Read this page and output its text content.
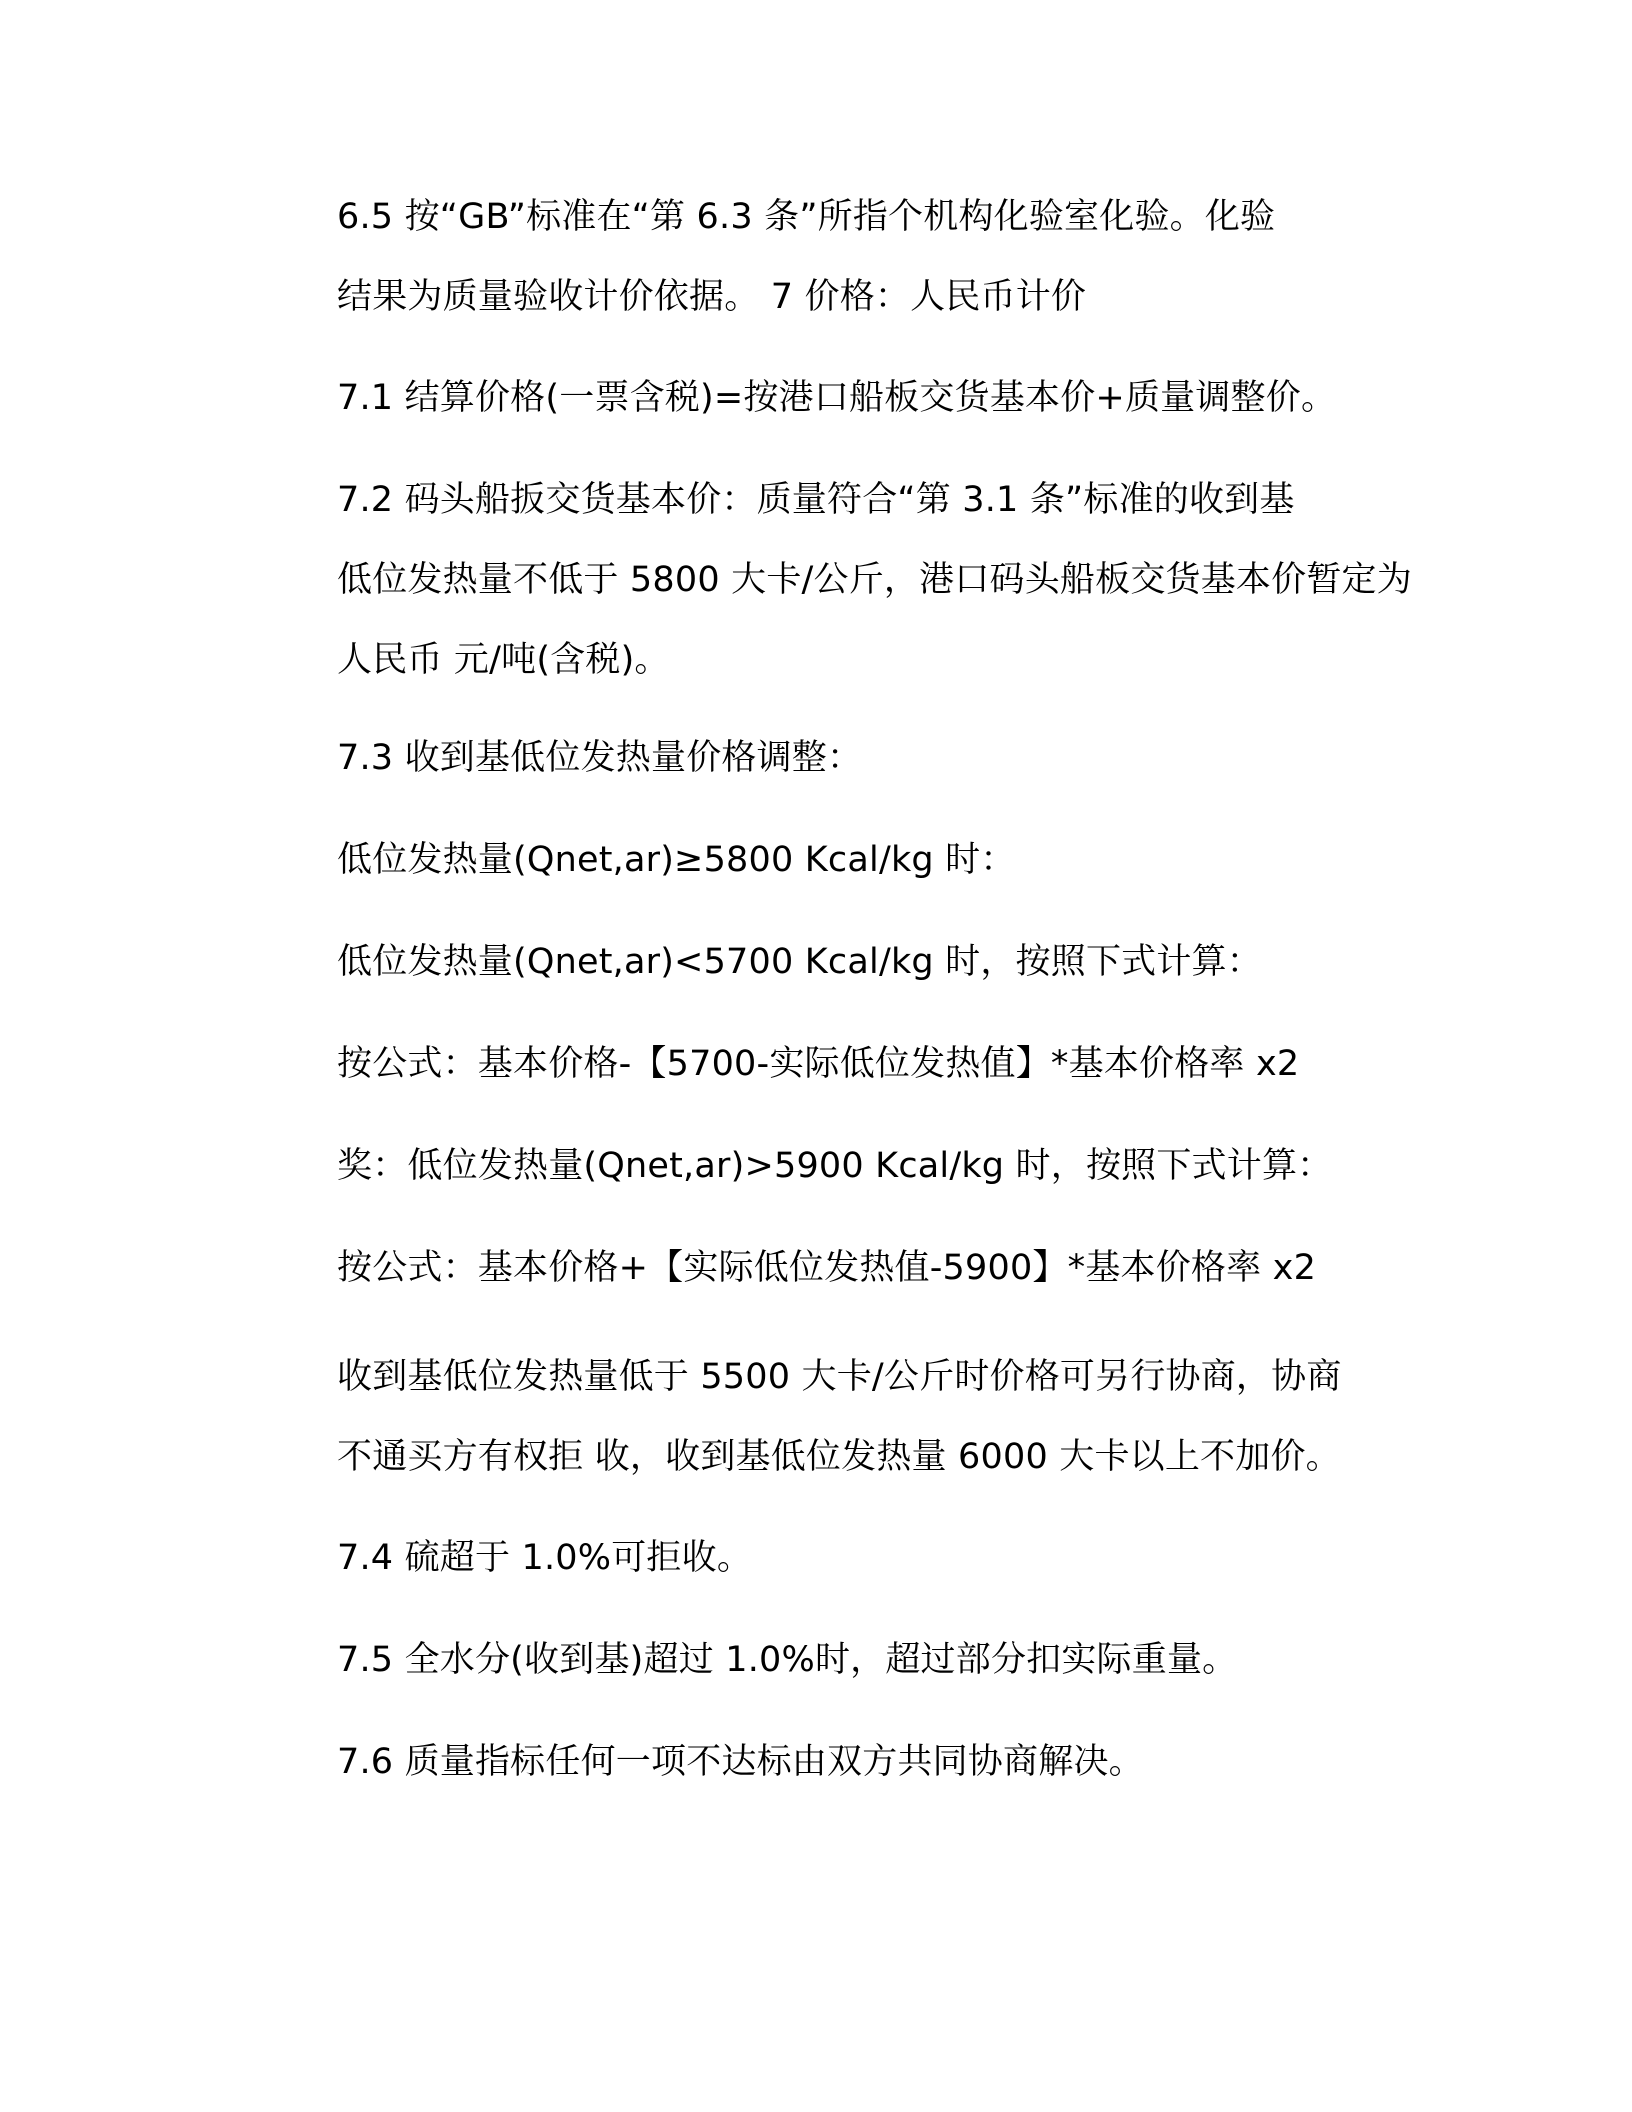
6.5 按“GB”标准在“第 6.3 条”所指个机构化验室化验。化验
结果为质量验收计价依据。 7 价格：人民币计价
7.1 结算价格(一票含税)=按港口船板交货基本价+质量调整价。
7.2 码头船扳交货基本价：质量符合“第 3.1 条”标准的收到基
低位发热量不低于 5800 大卡/公斤，港口码头船板交货基本价暂定为
人民币 元/吨(含税)。
7.3 收到基低位发热量价格调整：
低位发热量(Qnet,ar)≥5800 Kcal/kg 时：
低位发热量(Qnet,ar)<5700 Kcal/kg 时，按照下式计算：
按公式：基本价格-【5700-实际低位发热值】*基本价格率 x2
奖：低位发热量(Qnet,ar)>5900 Kcal/kg 时，按照下式计算：
按公式：基本价格+【实际低位发热值-5900】*基本价格率 x2
收到基低位发热量低于 5500 大卡/公斤时价格可另行协商，协商
不通买方有权拒 收，收到基低位发热量 6000 大卡以上不加价。
7.4 硫超于 1.0%可拒收。
7.5 全水分(收到基)超过 1.0%时，超过部分扣实际重量。
7.6 质量指标任何一项不达标由双方共同协商解决。
